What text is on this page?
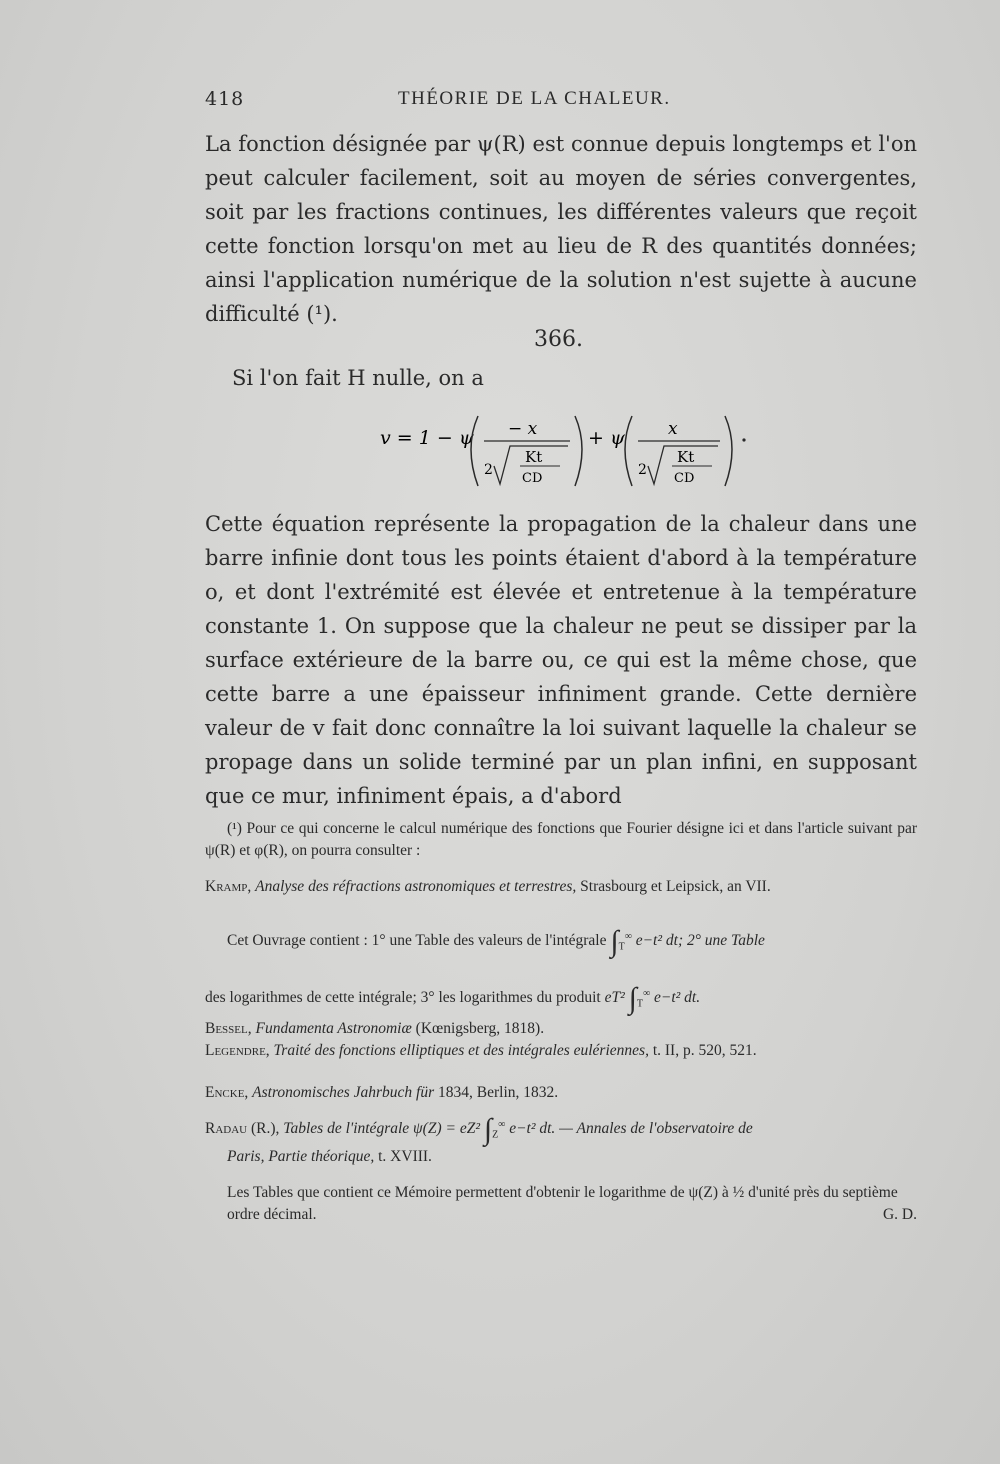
418	THÉORIE DE LA CHALEUR.
La fonction désignée par ψ(R) est connue depuis longtemps et l'on peut calculer facilement, soit au moyen de séries convergentes, soit par les fractions continues, les différentes valeurs que reçoit cette fonction lorsqu'on met au lieu de R des quantités données; ainsi l'application numérique de la solution n'est sujette à aucune difficulté (¹).
366.
Si l'on fait H nulle, on a
v = 1 − ψ − x
2
Kt
CD
+ ψ	x
2
Kt
CD
Cette équation représente la propagation de la chaleur dans une barre infinie dont tous les points étaient d'abord à la température o, et dont l'extrémité est élevée et entretenue à la température constante 1. On suppose que la chaleur ne peut se dissiper par la surface extérieure de la barre ou, ce qui est la même chose, que cette barre a une épaisseur infiniment grande. Cette dernière valeur de v fait donc connaître la loi suivant laquelle la chaleur se propage dans un solide terminé par un plan infini, en supposant que ce mur, infiniment épais, a d'abord
(¹) Pour ce qui concerne le calcul numérique des fonctions que Fourier désigne ici et dans l'article suivant par ψ(R) et φ(R), on pourra consulter :
Kramp, Analyse des réfractions astronomiques et terrestres, Strasbourg et Leipsick, an VII.
Cet Ouvrage contient : 1° une Table des valeurs de l'intégrale $\int_T^\infty$ e−t² dt; 2° une Table
des logarithmes de cette intégrale; 3° les logarithmes du produit eT² $\int_T^\infty$ e−t² dt.
Bessel, Fundamenta Astronomiæ (Kœnigsberg, 1818).
Legendre, Traité des fonctions elliptiques et des intégrales eulériennes, t. II, p. 520, 521.
Encke, Astronomisches Jahrbuch für 1834, Berlin, 1832.
Radau (R.), Tables de l'intégrale ψ(Z) = eZ² $\int_Z^\infty$ e−t² dt. — Annales de l'observatoire de
Paris, Partie théorique, t. XVIII.
Les Tables que contient ce Mémoire permettent d'obtenir le logarithme de ψ(Z) à ½ d'unité près du septième ordre décimal.	G. D.
